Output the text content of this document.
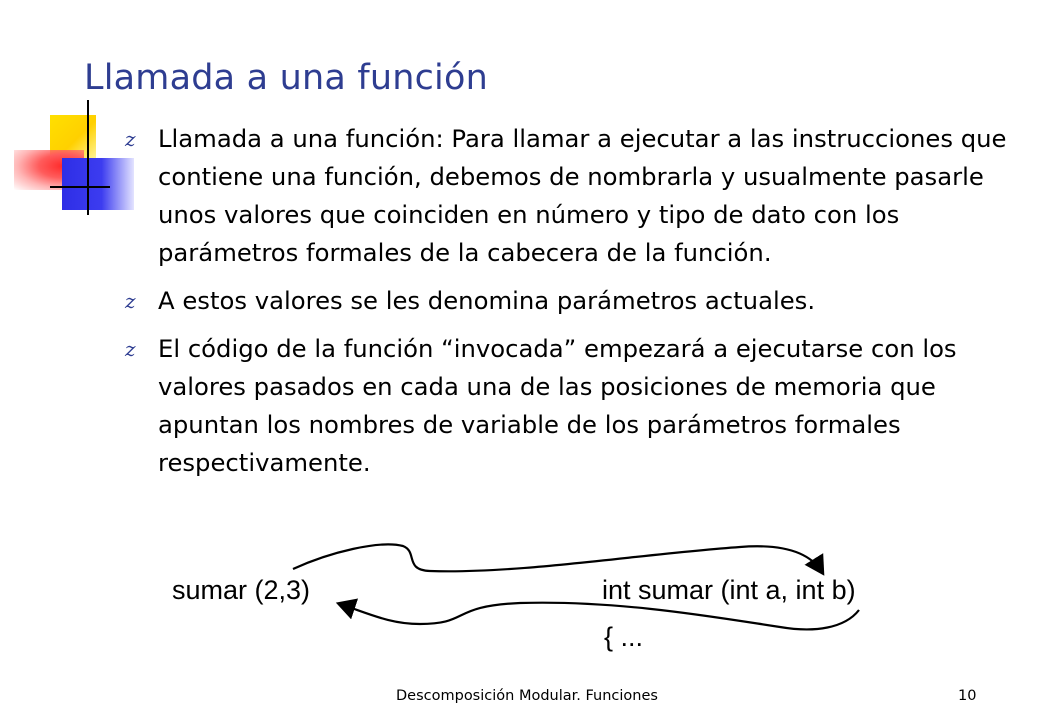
Llamada a una función
z Llamada a una función: Para llamar a ejecutar a las instrucciones que contiene una función, debemos de nombrarla y usualmente pasarle unos valores que coinciden en número y tipo de dato con los parámetros formales de la cabecera de la función.
z A estos valores se les denomina parámetros actuales.
z El código de la función “invocada” empezará a ejecutarse con los valores pasados en cada una de las posiciones de memoria que apuntan los nombres de variable de los parámetros formales respectivamente.
sumar (2,3)	int sumar (int a, int b)
{ ...
Descomposición Modular. Funciones	10
